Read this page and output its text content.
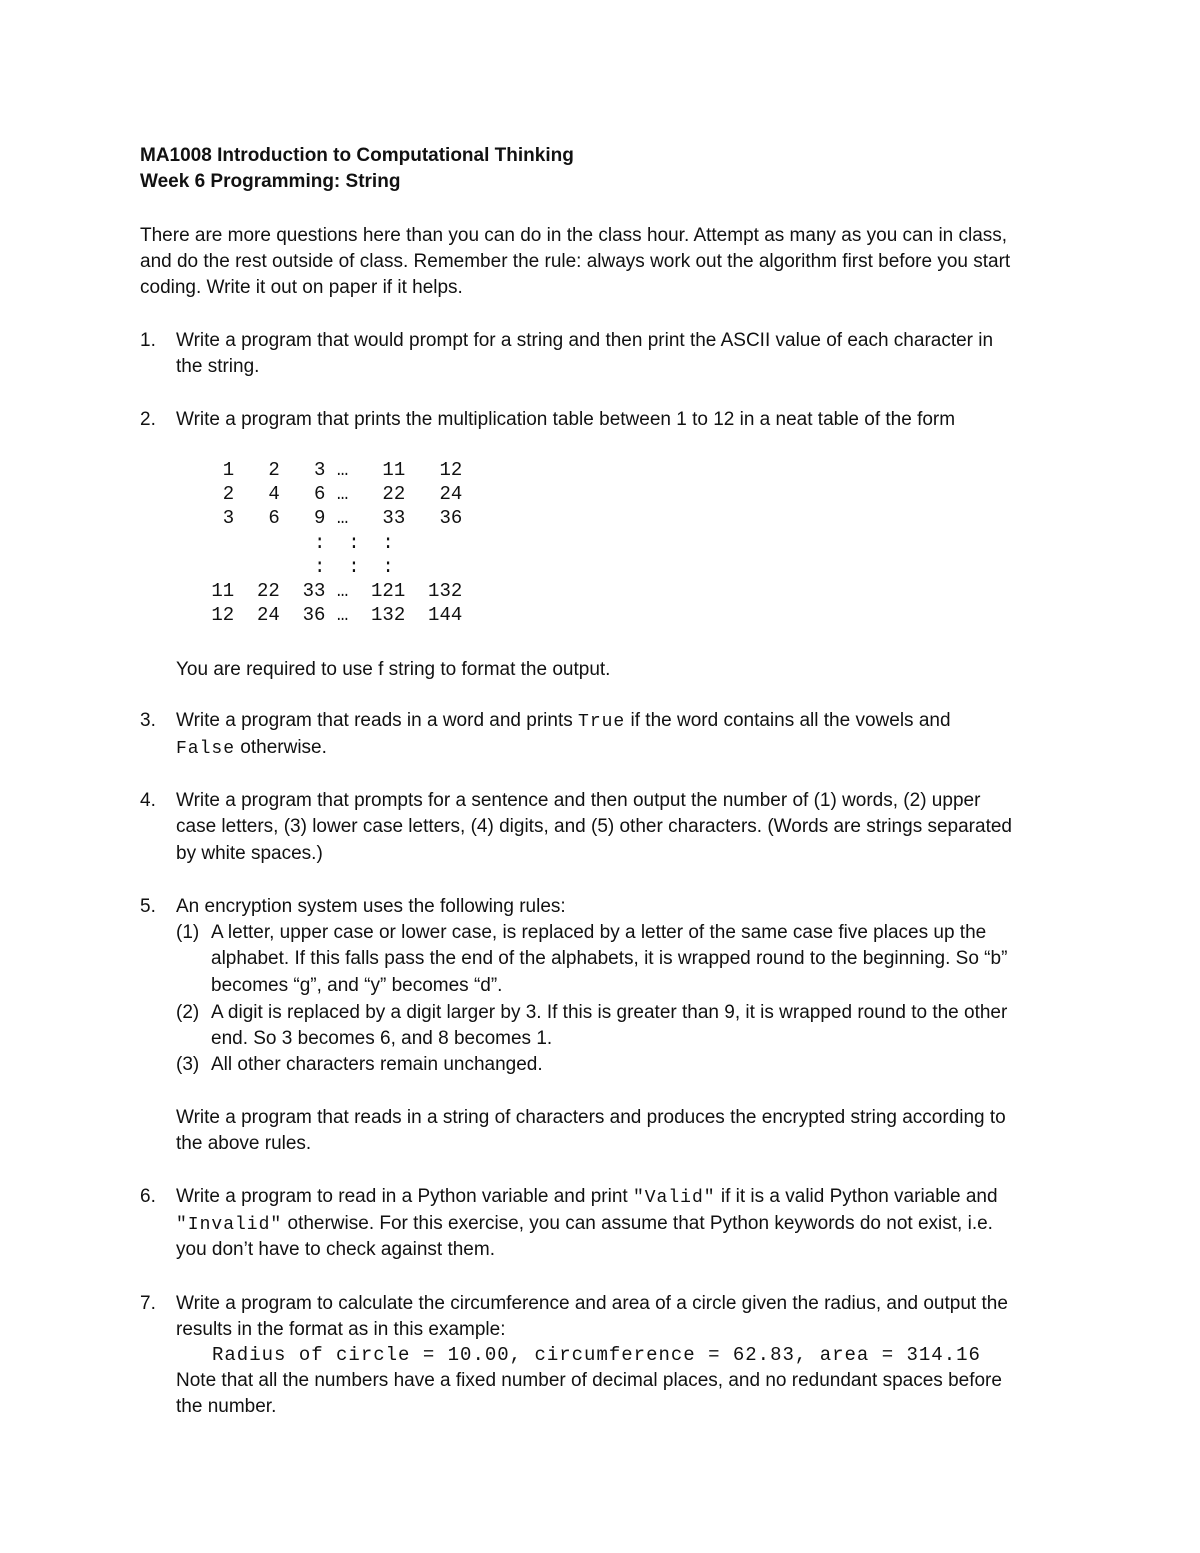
MA1008 Introduction to Computational Thinking
Week 6 Programming: String
There are more questions here than you can do in the class hour. Attempt as many as you can in class,
and do the rest outside of class. Remember the rule: always work out the algorithm first before you start
coding. Write it out on paper if it helps.
1. Write a program that would prompt for a string and then print the ASCII value of each character in
the string.
2. Write a program that prints the multiplication table between 1 to 12 in a neat table of the form
1   2   3 …   11   12
2   4   6 …   22   24
3   6   9 …   33   36
:  :  :
:  :  :
11  22  33 …  121  132
12  24  36 …  132  144
You are required to use f string to format the output.
3. Write a program that reads in a word and prints True if the word contains all the vowels and
False otherwise.
4. Write a program that prompts for a sentence and then output the number of (1) words, (2) upper
case letters, (3) lower case letters, (4) digits, and (5) other characters. (Words are strings separated
by white spaces.)
5. An encryption system uses the following rules:
(1) A letter, upper case or lower case, is replaced by a letter of the same case five places up the
alphabet. If this falls pass the end of the alphabets, it is wrapped round to the beginning. So “b”
becomes “g”, and “y” becomes “d”.
(2) A digit is replaced by a digit larger by 3. If this is greater than 9, it is wrapped round to the other
end. So 3 becomes 6, and 8 becomes 1.
(3) All other characters remain unchanged.
Write a program that reads in a string of characters and produces the encrypted string according to
the above rules.
6. Write a program to read in a Python variable and print "Valid" if it is a valid Python variable and
"Invalid" otherwise. For this exercise, you can assume that Python keywords do not exist, i.e.
you don’t have to check against them.
7. Write a program to calculate the circumference and area of a circle given the radius, and output the
results in the format as in this example:
Radius of circle = 10.00, circumference = 62.83, area = 314.16
Note that all the numbers have a fixed number of decimal places, and no redundant spaces before
the number.
